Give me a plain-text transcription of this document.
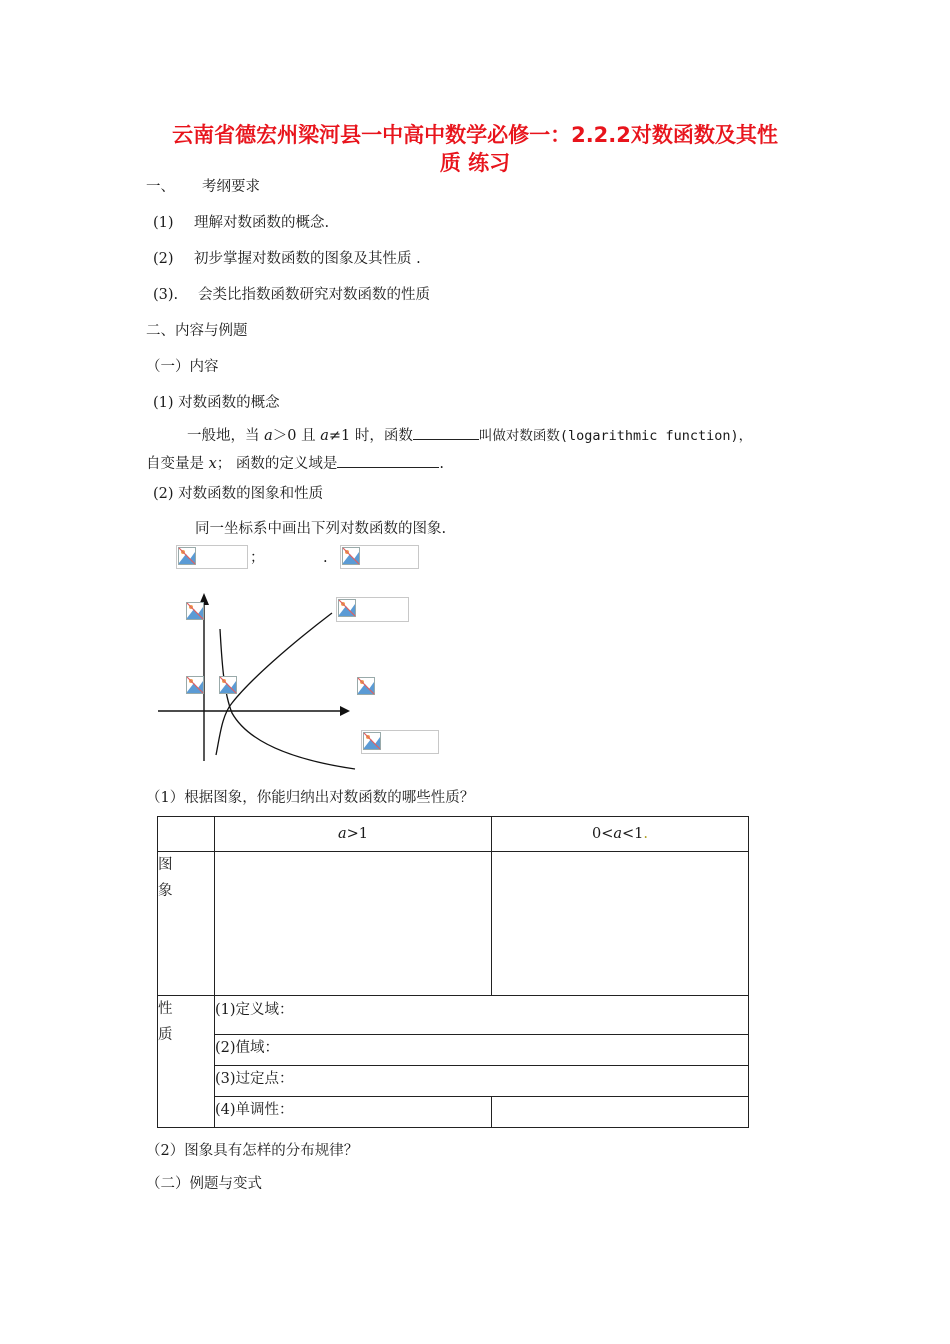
云南省德宏州梁河县一中高中数学必修一：2.2.2对数函数及其性
质 练习
一、 考纲要求
(1) 理解对数函数的概念.
(2) 初步掌握对数函数的图象及其性质 .
(3). 会类比指数函数研究对数函数的性质
二、内容与例题
（一）内容
(1) 对数函数的概念
一般地，当 a＞0 且 a≠1 时，函数	叫做对数函数(logarithmic function)，
自变量是 x； 函数的定义域是	.
(2) 对数函数的图象和性质
同一坐标系中画出下列对数函数的图象.
；	.
（1）根据图象，你能归纳出对数函数的哪些性质？
	a>1	0<a<1.

图
象		

性
质	(1)定义域：	
	(2)值域：	
	(3)过定点：	
	(4)单调性：	
（2）图象具有怎样的分布规律？
（二）例题与变式
